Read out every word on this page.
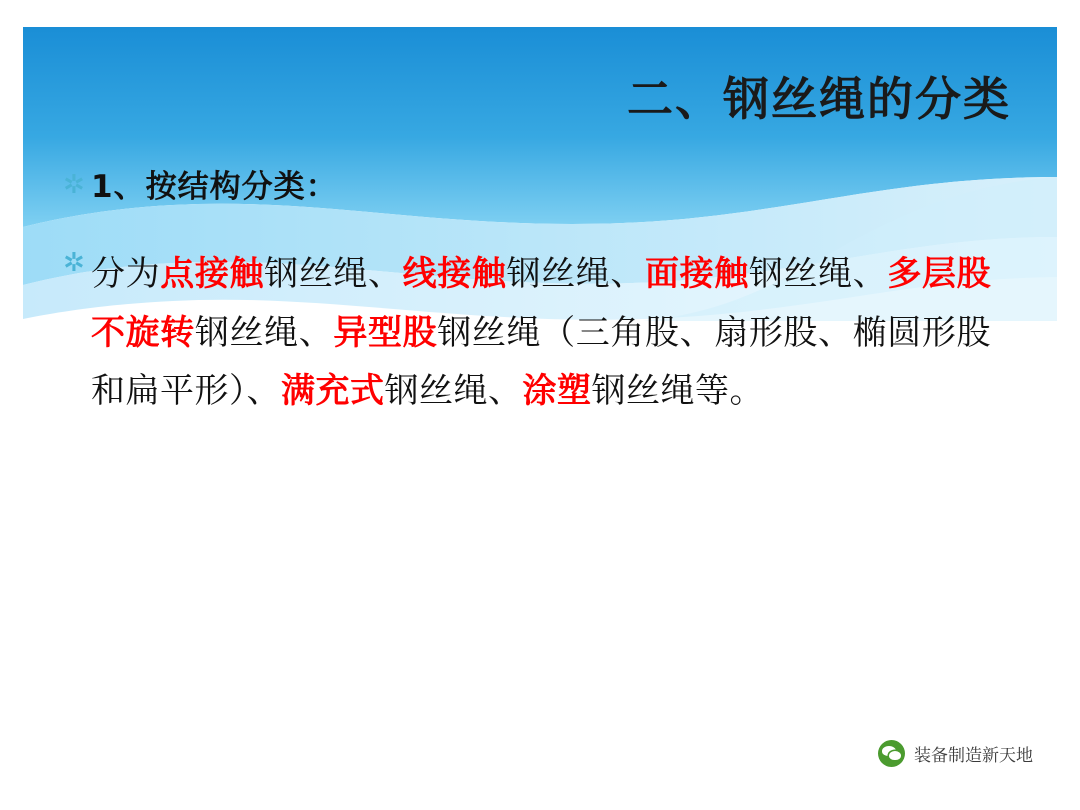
二、钢丝绳的分类
✲ 1、按结构分类：
✲ 分为点接触钢丝绳、线接触钢丝绳、面接触钢丝绳、多层股不旋转钢丝绳、异型股钢丝绳（三角股、扇形股、椭圆形股和扁平形）、满充式钢丝绳、涂塑钢丝绳等。
装备制造新天地
